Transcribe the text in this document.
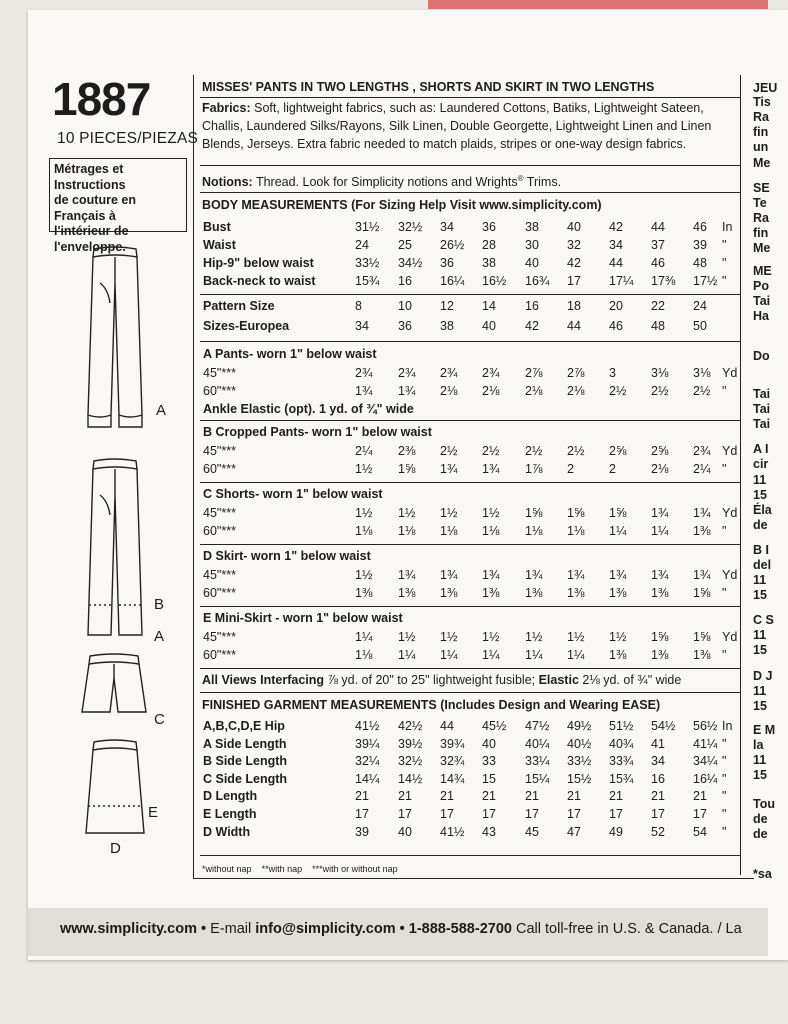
1887
10 PIECES/PIEZAS
Métrages et Instructions
de couture en Français à
l'intérieur de
l'enveloppe.
A
B
A
C
E
D
JEU
Tis
Ra
fin
un
Me
SE
Te
Ra
fin
Me
ME
Po
Tai
Ha
Do
Tai
Tai
Tai
A I
cir
11
15
Éla
de
B I
del
11
15
C S
11
15
D J
11
15
E M
la
11
15
Tou
de
de
*sa
MISSES' PANTS IN TWO LENGTHS , SHORTS AND SKIRT IN TWO LENGTHS
Fabrics: Soft, lightweight fabrics, such as: Laundered Cottons, Batiks, Lightweight Sateen,
Challis, Laundered Silks/Rayons, Silk Linen, Double Georgette, Lightweight Linen and Linen
Blends, Jerseys. Extra fabric needed to match plaids, stripes or one-way design fabrics.
Notions: Thread. Look for Simplicity notions and Wrights® Trims.
BODY MEASUREMENTS (For Sizing Help Visit www.simplicity.com)
Bust	31½ 32½ 34 36 38 40 42 44 46 In
Waist	24 25 26½ 28 30 32 34 37 39 "
Hip-9" below waist	33½ 34½ 36 38 40 42 44 46 48 "
Back-neck to waist	15¾ 16 16¼ 16½ 16¾ 17 17¼ 17⅜ 17½ "
Pattern Size	8	10 12 14 16 18 20 22 24
Sizes-Europea	34 36 38 40 42 44 46 48 50
A Pants- worn 1" below waist
45"***	2¾ 2¾ 2¾ 2¾ 2⅞ 2⅞ 3	3⅛ 3⅛ Yd
60"***	1¾ 1¾ 2⅛ 2⅛ 2⅛ 2⅛ 2½ 2½ 2½ "
Ankle Elastic (opt). 1 yd. of ¾" wide
B Cropped Pants- worn 1" below waist
45"***	2¼ 2⅜ 2½ 2½ 2½ 2½ 2⅝ 2⅝ 2¾ Yd
60"***	1½ 1⅝ 1¾ 1¾ 1⅞ 2	2	2⅛ 2¼ "
C Shorts- worn 1" below waist
45"***	1½ 1½ 1½ 1½ 1⅝ 1⅝ 1⅝ 1¾ 1¾ Yd
60"***	1⅛ 1⅛ 1⅛ 1⅛ 1⅛ 1⅛ 1¼ 1¼ 1⅜ "
D Skirt- worn 1" below waist
45"***	1½ 1¾ 1¾ 1¾ 1¾ 1¾ 1¾ 1¾ 1¾ Yd
60"***	1⅜ 1⅜ 1⅜ 1⅜ 1⅜ 1⅜ 1⅜ 1⅜ 1⅝ "
E Mini-Skirt - worn 1" below waist
45"***	1¼ 1½ 1½ 1½ 1½ 1½ 1½ 1⅝ 1⅝ Yd
60"***	1⅛ 1¼ 1¼ 1¼ 1¼ 1¼ 1⅜ 1⅜ 1⅜ "
A,B,C,D,E Hip	41½ 42½ 44 45½ 47½ 49½ 51½ 54½ 56½ In
A Side Length	39¼ 39½ 39¾ 40 40¼ 40½ 40¾ 41 41¼ "
B Side Length	32¼ 32½ 32¾ 33 33¼ 33½ 33¾ 34 34¼ "
C Side Length	14¼ 14½ 14¾ 15 15¼ 15½ 15¾ 16 16¼ "
D Length	21 21 21 21 21 21 21 21 21 "
E Length	17 17 17 17 17 17 17 17 17 "
D Width	39 40 41½ 43 45 47 49 52 54 "
All Views Interfacing ⅞ yd. of 20" to 25" lightweight fusible; Elastic 2⅛ yd. of ¾" wide
FINISHED GARMENT MEASUREMENTS (Includes Design and Wearing EASE)
*without nap **with nap ***with or without nap
www.simplicity.com • E-mail info@simplicity.com • 1-888-588-2700 Call toll-free in U.S. & Canada. / La
